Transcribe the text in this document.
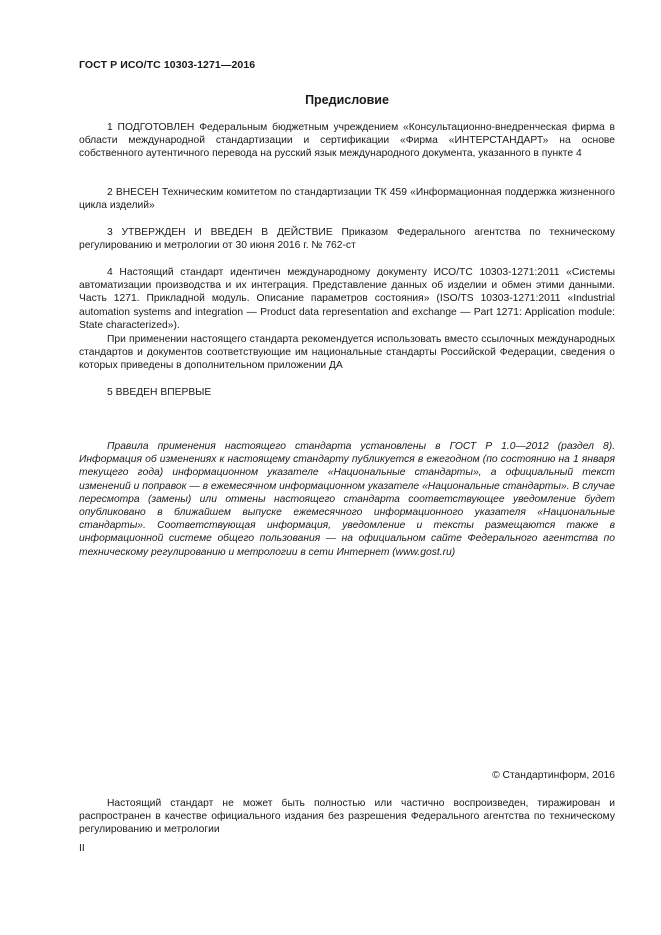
ГОСТ Р ИСО/ТС 10303-1271—2016
Предисловие

1 ПОДГОТОВЛЕН Федеральным бюджетным учреждением «Консультационно-внедренческая фирма в области международной стандартизации и сертификации «Фирма «ИНТЕРСТАНДАРТ» на основе собственного аутентичного перевода на русский язык международного документа, указанного в пункте 4

2 ВНЕСЕН Техническим комитетом по стандартизации ТК 459 «Информационная поддержка жизненного цикла изделий»

3 УТВЕРЖДЕН И ВВЕДЕН В ДЕЙСТВИЕ Приказом Федерального агентства по техническому регулированию и метрологии от 30 июня 2016 г. № 762-ст

4 Настоящий стандарт идентичен международному документу ИСО/ТС 10303-1271:2011 «Системы автоматизации производства и их интеграция. Представление данных об изделии и обмен этими данными. Часть 1271. Прикладной модуль. Описание параметров состояния» (ISO/TS 10303-1271:2011 «Industrial automation systems and integration — Product data representation and exchange — Part 1271: Application module: State characterized»).

При применении настоящего стандарта рекомендуется использовать вместо ссылочных международных стандартов и документов соответствующие им национальные стандарты Российской Федерации, сведения о которых приведены в дополнительном приложении ДА

5 ВВЕДЕН ВПЕРВЫЕ

Правила применения настоящего стандарта установлены в ГОСТ Р 1.0—2012 (раздел 8). Информация об изменениях к настоящему стандарту публикуется в ежегодном (по состоянию на 1 января текущего года) информационном указателе «Национальные стандарты», а официальный текст изменений и поправок — в ежемесячном информационном указателе «Национальные стандарты». В случае пересмотра (замены) или отмены настоящего стандарта соответствующее уведомление будет опубликовано в ближайшем выпуске ежемесячного информационного указателя «Национальные стандарты». Соответствующая информация, уведомление и тексты размещаются также в информационной системе общего пользования — на официальном сайте Федерального агентства по техническому регулированию и метрологии в сети Интернет (www.gost.ru)

© Стандартинформ, 2016

Настоящий стандарт не может быть полностью или частично воспроизведен, тиражирован и распространен в качестве официального издания без разрешения Федерального агентства по техническому регулированию и метрологии

II
